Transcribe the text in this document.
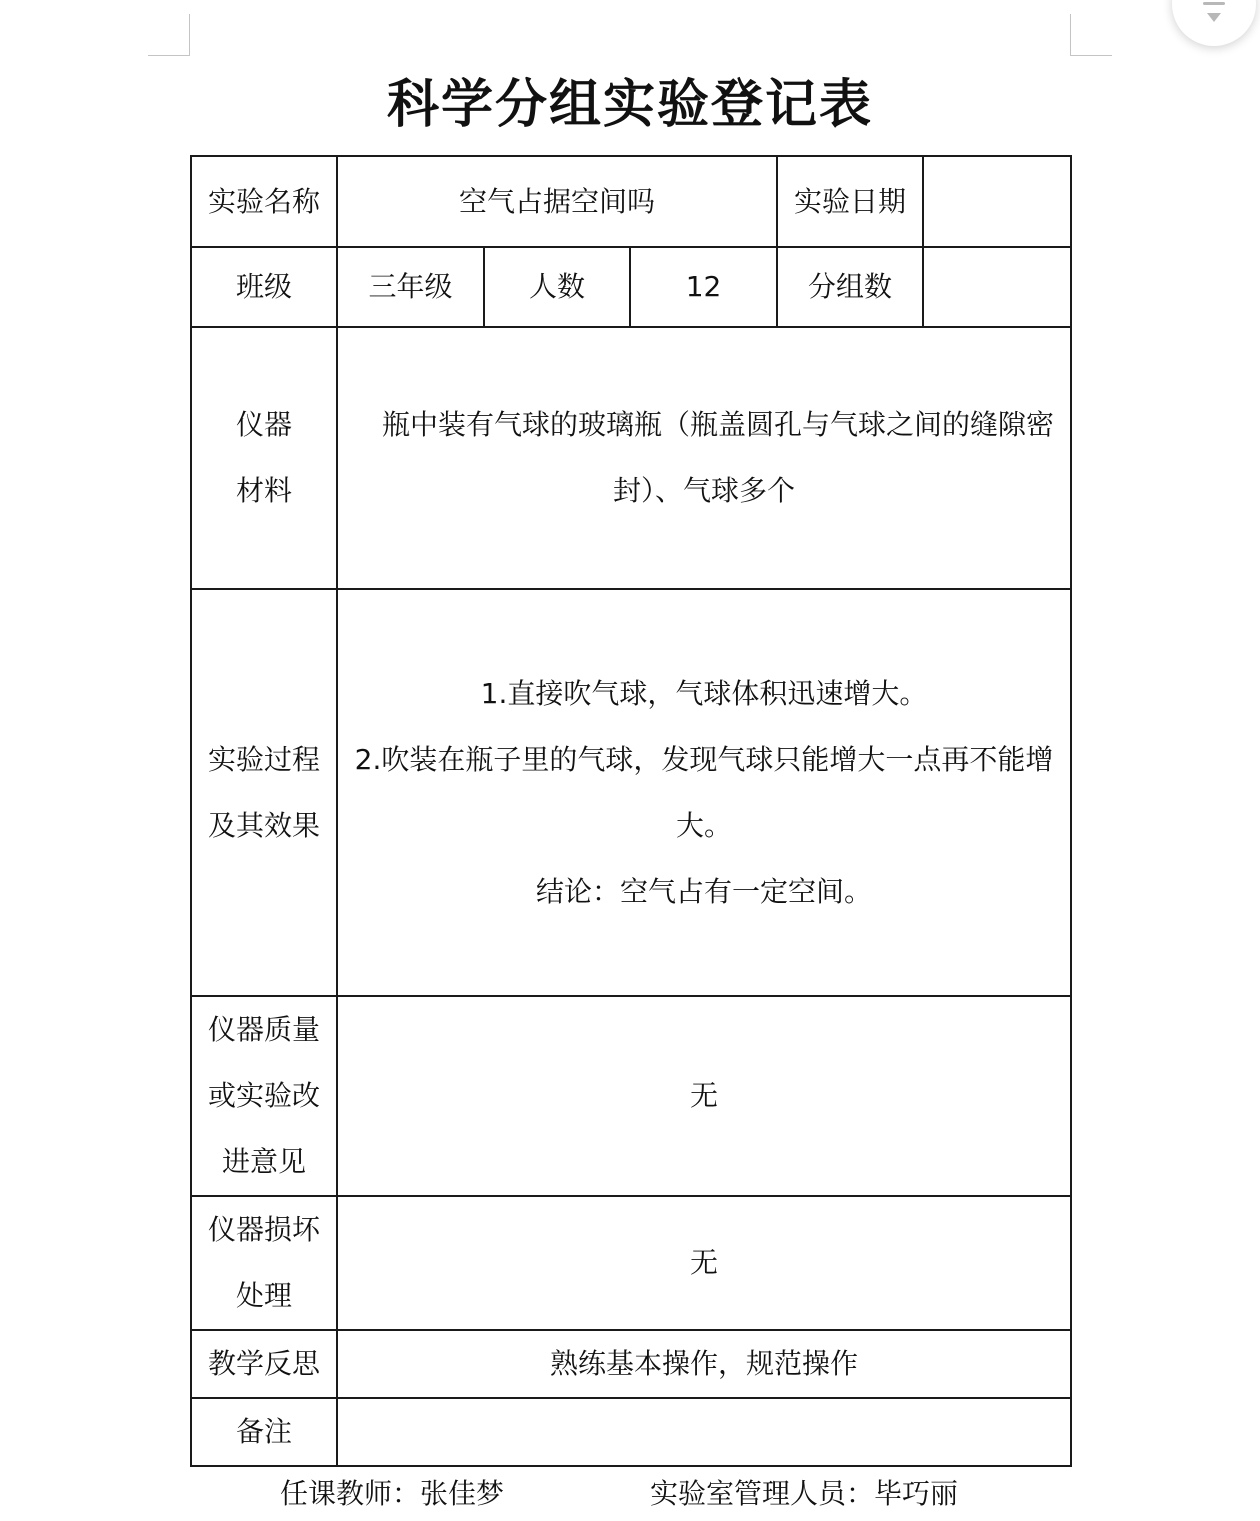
科学分组实验登记表
实验名称	空气占据空间吗			实验日期	
班级	三年级	人数	12	分组数	

仪器
材料	瓶中装有气球的玻璃瓶（瓶盖圆孔与气球之间的缝隙密封）、气球多个				

实验过程
及其效果	1.直接吹气球，气球体积迅速增大。
2.吹装在瓶子里的气球，发现气球只能增大一点再不能增大。
结论：空气占有一定空间。				

仪器质量
或实验改
进意见	无				

仪器损坏
处理	无				
教学反思	熟练基本操作，规范操作				
备注					
任课教师：张佳梦	实验室管理人员：毕巧丽
